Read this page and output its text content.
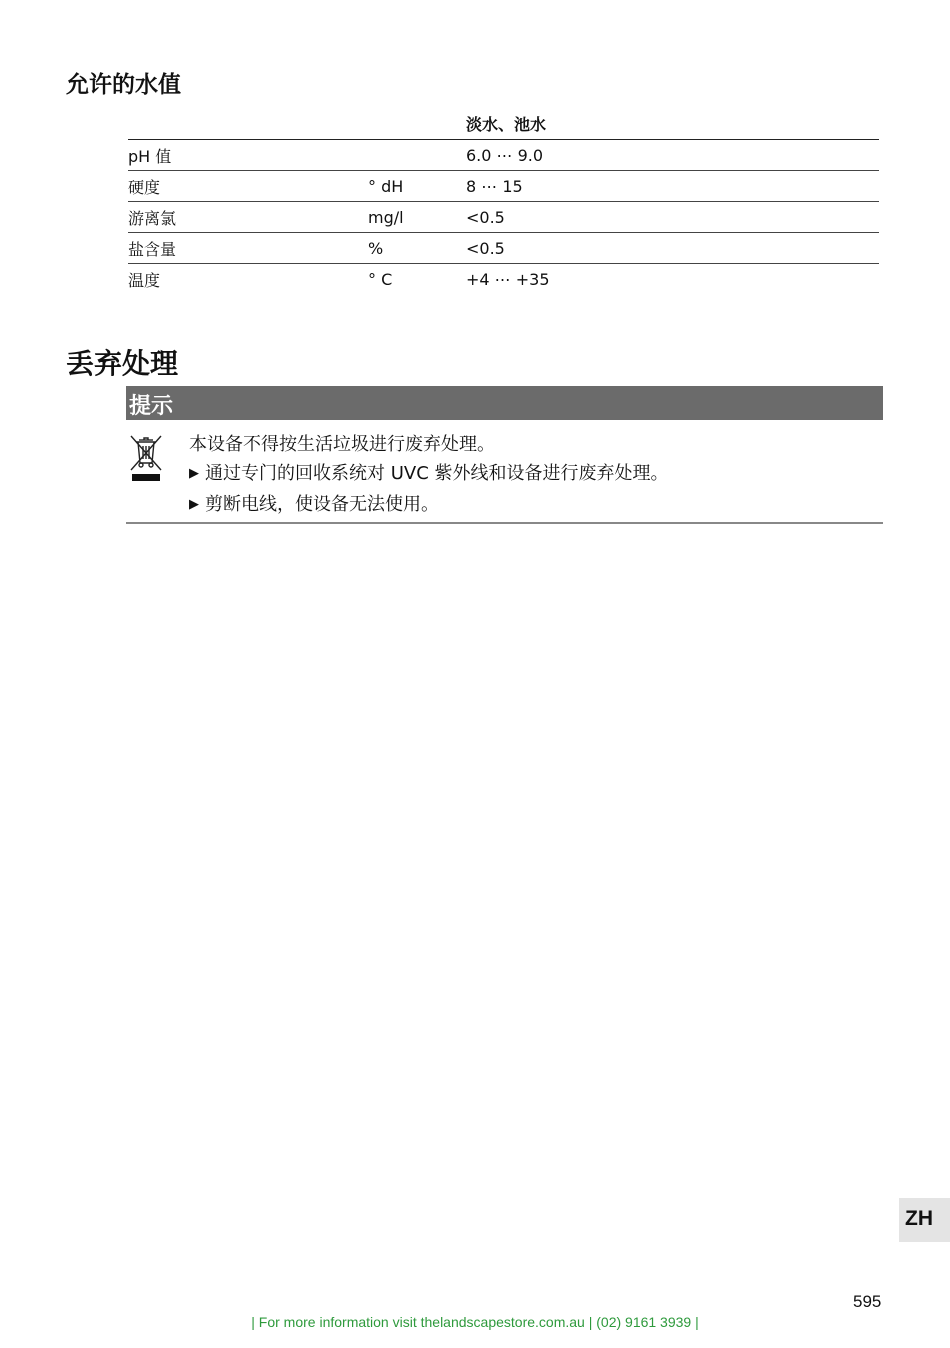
允许的水值
		淡水、池水
pH 值		6.0 ⋯ 9.0
硬度	° dH	8 ⋯ 15
游离氯	mg/l	<0.5
盐含量	%	<0.5
温度	° C	+4 ⋯ +35
丢弃处理
提示
本设备不得按生活垃圾进行废弃处理。
▶ 通过专门的回收系统对 UVC 紫外线和设备进行废弃处理。
▶ 剪断电线，使设备无法使用。
ZH
595
| For more information visit thelandscapestore.com.au | (02) 9161 3939 |
